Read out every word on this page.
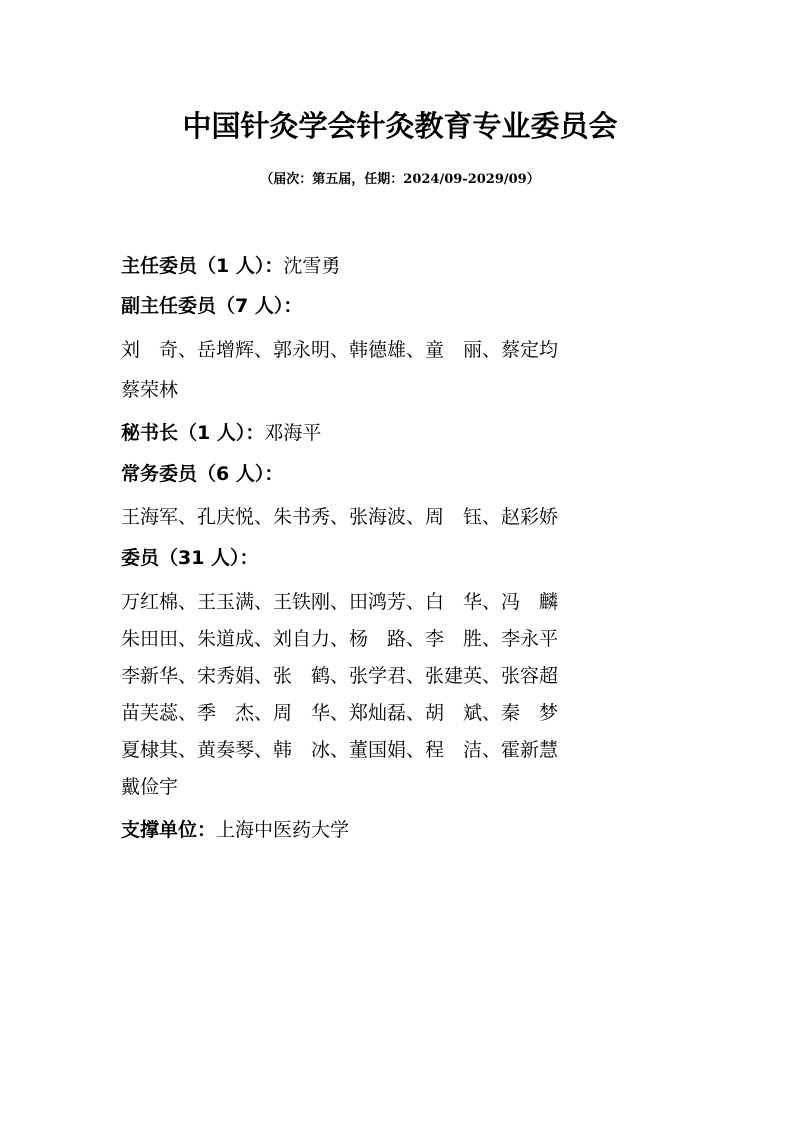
中国针灸学会针灸教育专业委员会
（届次：第五届，任期：2024/09-2029/09）
主任委员（1 人）：沈雪勇
副主任委员（7 人）：
刘　奇、岳增辉、郭永明、韩德雄、童　丽、蔡定均
蔡荣林
秘书长（1 人）：邓海平
常务委员（6 人）：
王海军、孔庆悦、朱书秀、张海波、周　钰、赵彩娇
委员（31 人）：
万红棉、王玉满、王铁刚、田鸿芳、白　华、冯　麟
朱田田、朱道成、刘自力、杨　路、李　胜、李永平
李新华、宋秀娟、张　鹤、张学君、张建英、张容超
苗芙蕊、季　杰、周　华、郑灿磊、胡　斌、秦　梦
夏棣其、黄奏琴、韩　冰、董国娟、程　洁、霍新慧
戴俭宇
支撑单位：上海中医药大学
